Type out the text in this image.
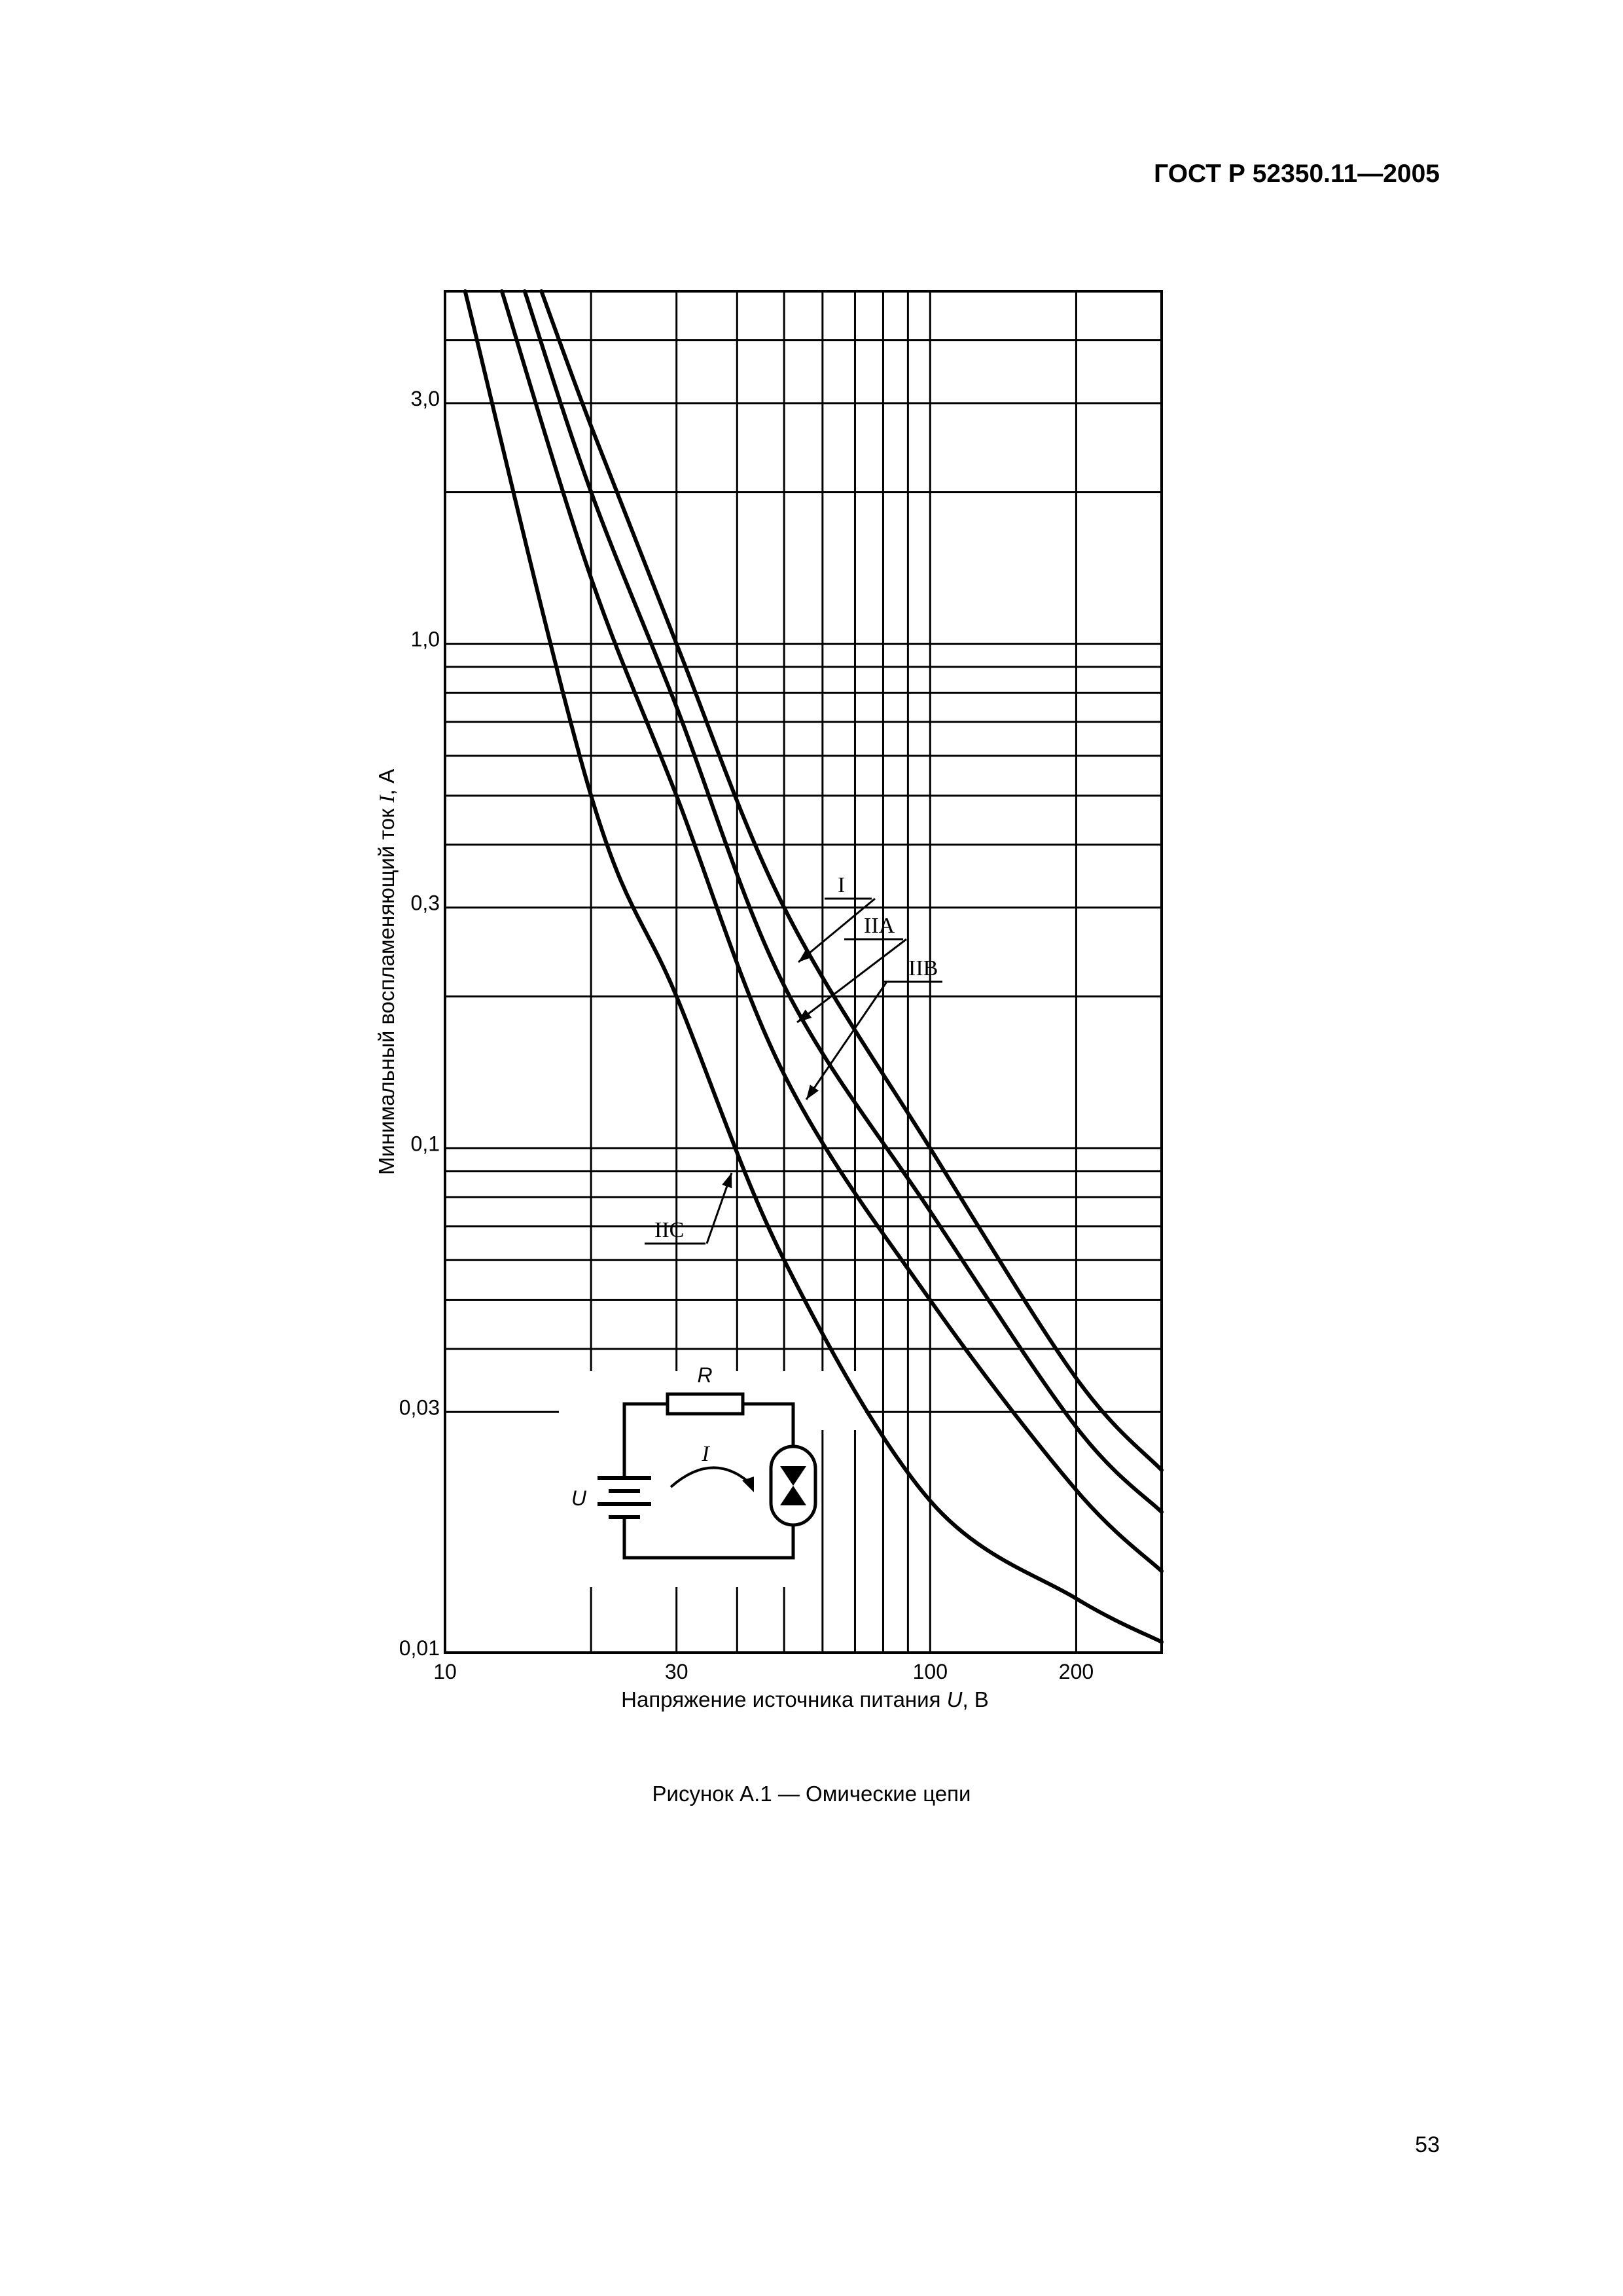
ГОСТ Р 52350.11—2005
10	30	100	200
0,01
0,03
0,1
0,3
1,0
3,0
I
IIA
IIB
IIC
R
U
I
Напряжение источника питания U, В
Минимальный воспламеняющий ток I, А
Рисунок А.1 — Омические цепи
53
